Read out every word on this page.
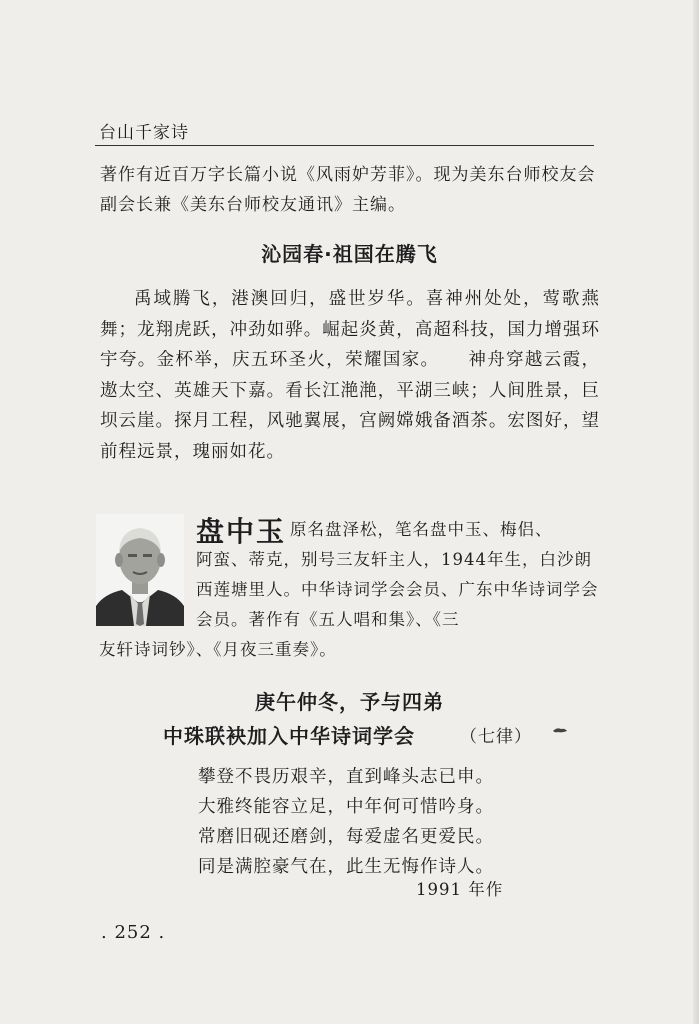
台山千家诗

著作有近百万字长篇小说《风雨妒芳菲》。现为美东台师校友会副会长兼《美东台师校友通讯》主编。

沁园春·祖国在腾飞

禹域腾飞，港澳回归，盛世岁华。喜神州处处，莺歌燕舞；龙翔虎跃，冲劲如骅。崛起炎黄，高超科技，国力增强环宇夸。金杯举，庆五环圣火，荣耀国家。　　神舟穿越云霞，遨太空、英雄天下嘉。看长江滟滟，平湖三峡；人间胜景，巨坝云崖。探月工程，风驰翼展，宫阙嫦娥备酒茶。宏图好，望前程远景，瑰丽如花。

盘中玉 原名盘泽松，笔名盘中玉、梅侣、
阿蛮、蒂克，别号三友轩主人，1944年生，白沙朗西莲塘里人。中华诗词学会会员、广东中华诗词学会会员。著作有《五人唱和集》、《三
友轩诗词钞》、《月夜三重奏》。
庚午仲冬，予与四弟
中珠联袂加入中华诗词学会	（七律）
攀登不畏历艰辛，直到峰头志已申。
大雅终能容立足，中年何可惜吟身。
常磨旧砚还磨剑，每爱虚名更爱民。
同是满腔豪气在，此生无悔作诗人。
1991 年作
. 252 .
